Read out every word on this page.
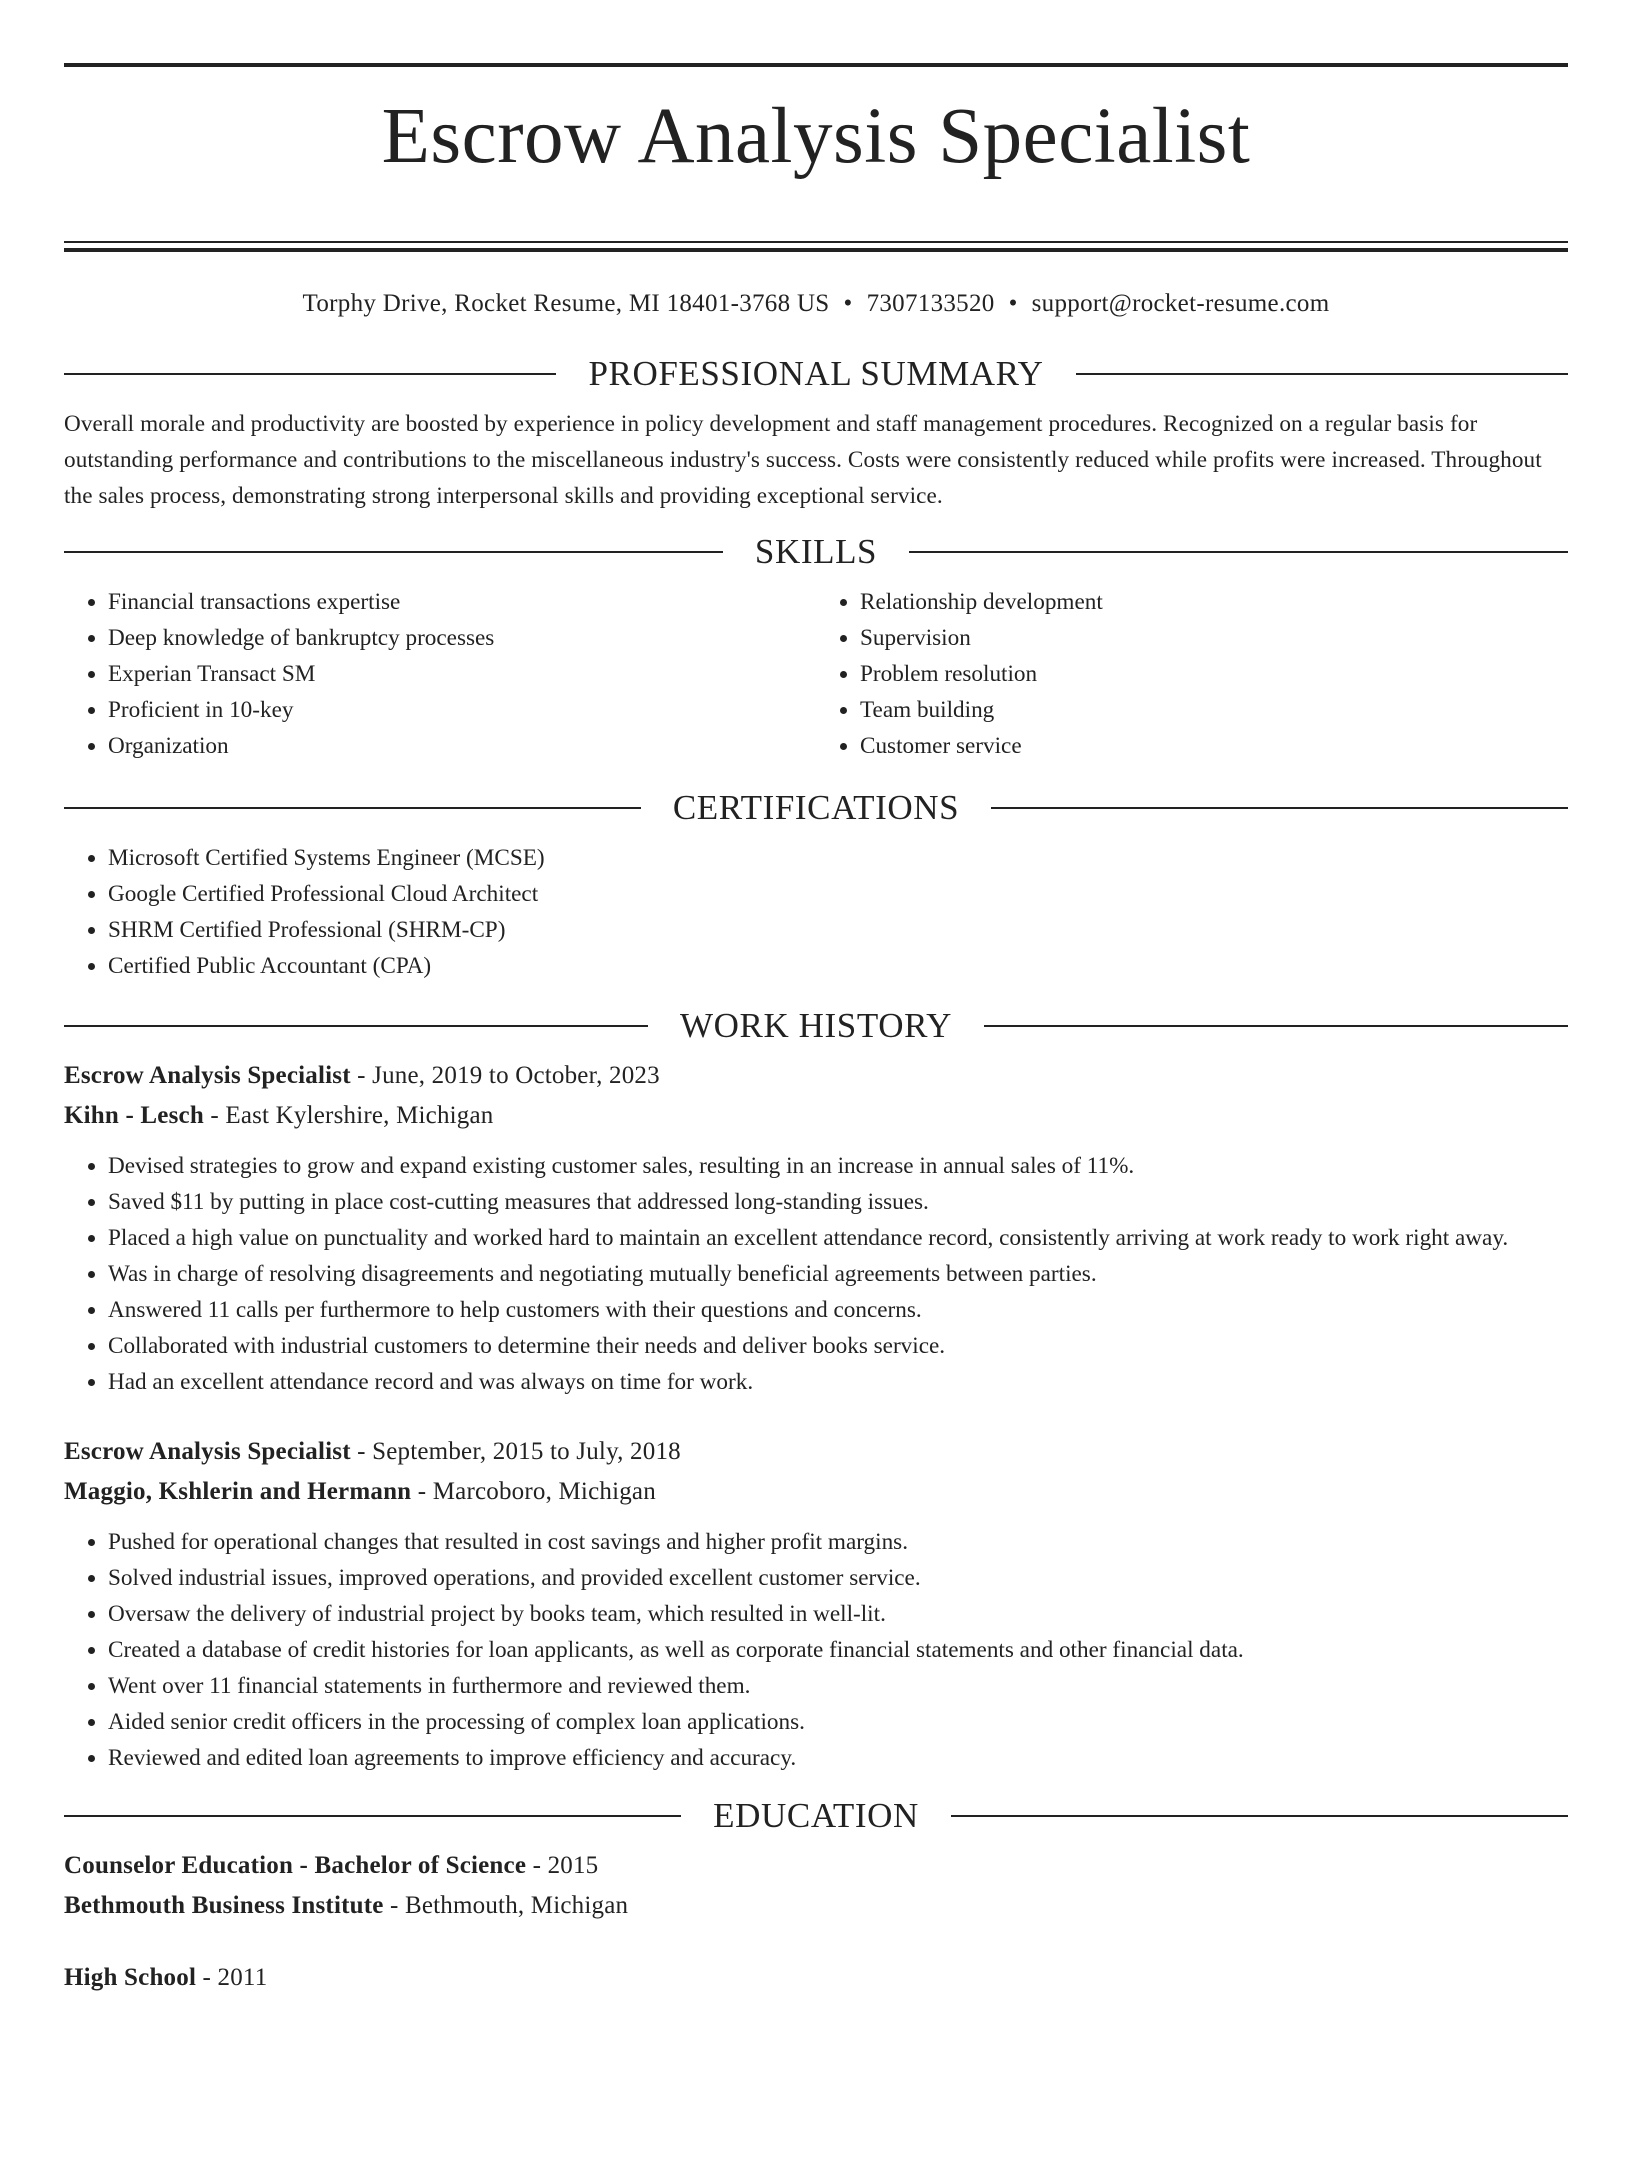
Escrow Analysis Specialist
Torphy Drive, Rocket Resume, MI 18401-3768 US • 7307133520 • support@rocket-resume.com
PROFESSIONAL SUMMARY

Overall morale and productivity are boosted by experience in policy development and staff management procedures. Recognized on a regular basis for outstanding performance and contributions to the miscellaneous industry's success. Costs were consistently reduced while profits were increased. Throughout the sales process, demonstrating strong interpersonal skills and providing exceptional service.

SKILLS
• Financial transactions expertise
• Deep knowledge of bankruptcy processes
• Experian Transact SM
• Proficient in 10-key
• Organization
• Relationship development
• Supervision
• Problem resolution
• Team building
• Customer service
CERTIFICATIONS
• Microsoft Certified Systems Engineer (MCSE)
• Google Certified Professional Cloud Architect
• SHRM Certified Professional (SHRM-CP)
• Certified Public Accountant (CPA)
WORK HISTORY
Escrow Analysis Specialist - June, 2019 to October, 2023
Kihn - Lesch - East Kylershire, Michigan
• Devised strategies to grow and expand existing customer sales, resulting in an increase in annual sales of 11%.
• Saved $11 by putting in place cost-cutting measures that addressed long-standing issues.
• Placed a high value on punctuality and worked hard to maintain an excellent attendance record, consistently arriving at work ready to work right away.
• Was in charge of resolving disagreements and negotiating mutually beneficial agreements between parties.
• Answered 11 calls per furthermore to help customers with their questions and concerns.
• Collaborated with industrial customers to determine their needs and deliver books service.
• Had an excellent attendance record and was always on time for work.
Escrow Analysis Specialist - September, 2015 to July, 2018
Maggio, Kshlerin and Hermann - Marcoboro, Michigan
• Pushed for operational changes that resulted in cost savings and higher profit margins.
• Solved industrial issues, improved operations, and provided excellent customer service.
• Oversaw the delivery of industrial project by books team, which resulted in well-lit.
• Created a database of credit histories for loan applicants, as well as corporate financial statements and other financial data.
• Went over 11 financial statements in furthermore and reviewed them.
• Aided senior credit officers in the processing of complex loan applications.
• Reviewed and edited loan agreements to improve efficiency and accuracy.
EDUCATION
Counselor Education - Bachelor of Science - 2015
Bethmouth Business Institute - Bethmouth, Michigan
High School - 2011
